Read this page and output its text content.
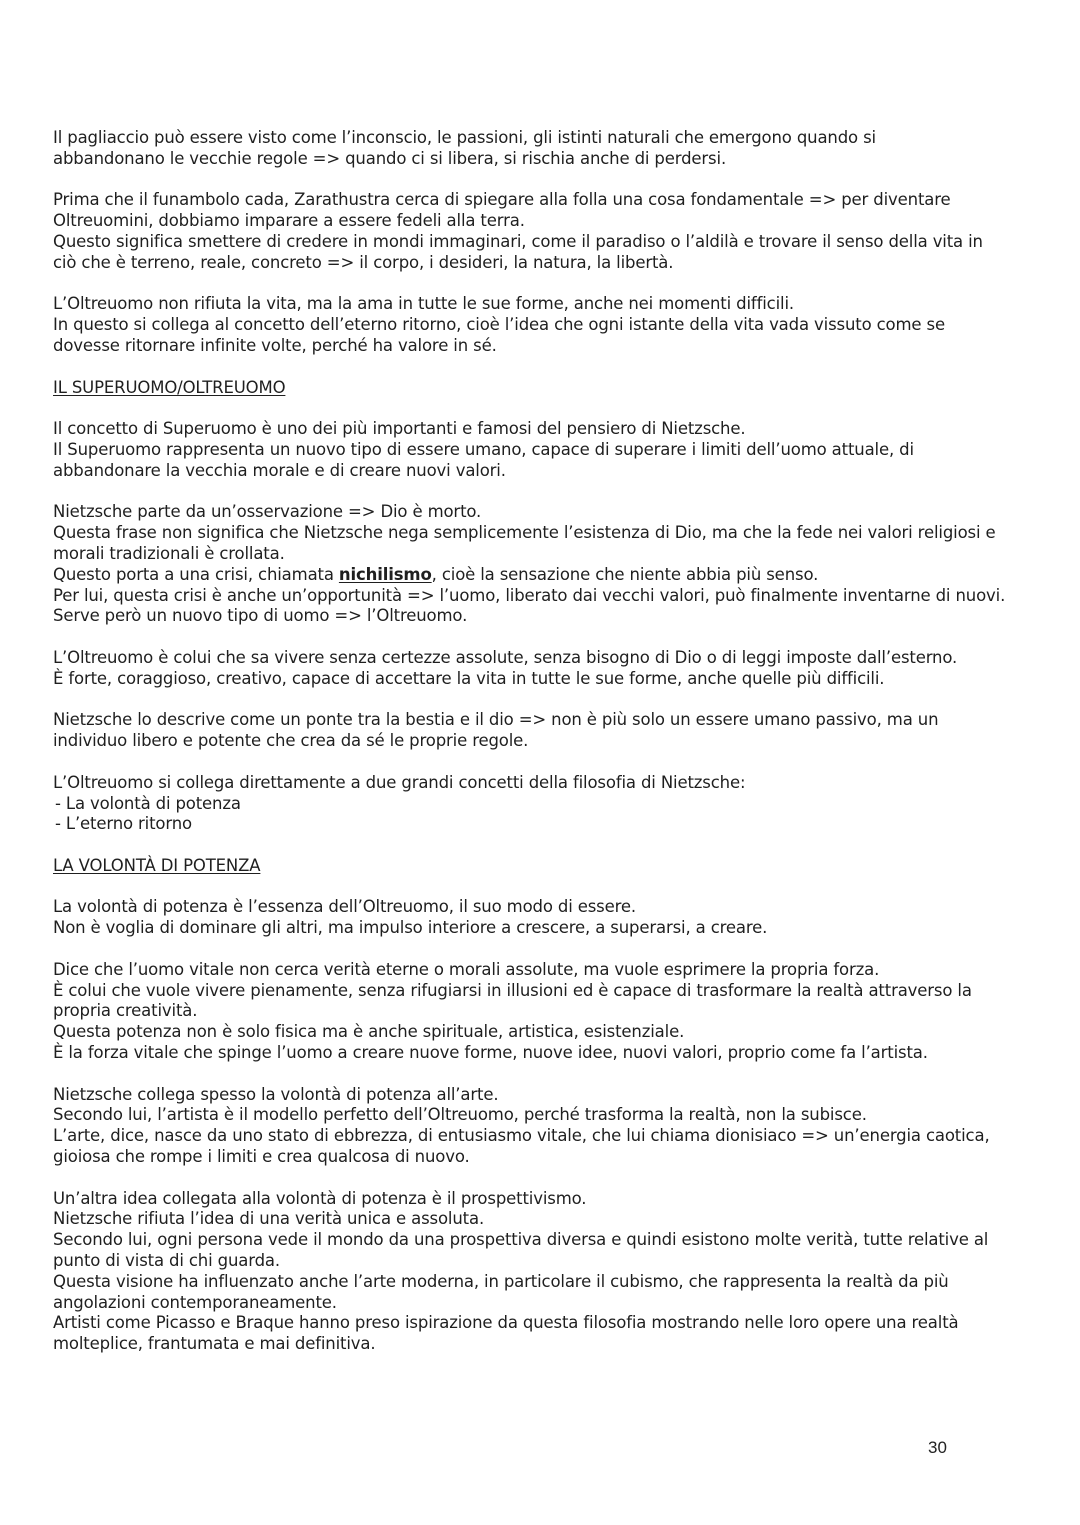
Il pagliaccio può essere visto come l’inconscio, le passioni, gli istinti naturali che emergono quando si
abbandonano le vecchie regole => quando ci si libera, si rischia anche di perdersi.

Prima che il funambolo cada, Zarathustra cerca di spiegare alla folla una cosa fondamentale => per diventare
Oltreuomini, dobbiamo imparare a essere fedeli alla terra.
Questo significa smettere di credere in mondi immaginari, come il paradiso o l’aldilà e trovare il senso della vita in
ciò che è terreno, reale, concreto => il corpo, i desideri, la natura, la libertà.

L’Oltreuomo non rifiuta la vita, ma la ama in tutte le sue forme, anche nei momenti difficili.
In questo si collega al concetto dell’eterno ritorno, cioè l’idea che ogni istante della vita vada vissuto come se
dovesse ritornare infinite volte, perché ha valore in sé.

IL SUPERUOMO/OLTREUOMO

Il concetto di Superuomo è uno dei più importanti e famosi del pensiero di Nietzsche.
Il Superuomo rappresenta un nuovo tipo di essere umano, capace di superare i limiti dell’uomo attuale, di
abbandonare la vecchia morale e di creare nuovi valori.

Nietzsche parte da un’osservazione => Dio è morto.
Questa frase non significa che Nietzsche nega semplicemente l’esistenza di Dio, ma che la fede nei valori religiosi e
morali tradizionali è crollata.
Questo porta a una crisi, chiamata nichilismo, cioè la sensazione che niente abbia più senso.
Per lui, questa crisi è anche un’opportunità => l’uomo, liberato dai vecchi valori, può finalmente inventarne di nuovi.
Serve però un nuovo tipo di uomo => l’Oltreuomo.

L’Oltreuomo è colui che sa vivere senza certezze assolute, senza bisogno di Dio o di leggi imposte dall’esterno.
È forte, coraggioso, creativo, capace di accettare la vita in tutte le sue forme, anche quelle più difficili.

Nietzsche lo descrive come un ponte tra la bestia e il dio => non è più solo un essere umano passivo, ma un
individuo libero e potente che crea da sé le proprie regole.

L’Oltreuomo si collega direttamente a due grandi concetti della filosofia di Nietzsche:

- La volontà di potenza
- L’eterno ritorno

LA VOLONTÀ DI POTENZA

La volontà di potenza è l’essenza dell’Oltreuomo, il suo modo di essere.
Non è voglia di dominare gli altri, ma impulso interiore a crescere, a superarsi, a creare.

Dice che l’uomo vitale non cerca verità eterne o morali assolute, ma vuole esprimere la propria forza.
È colui che vuole vivere pienamente, senza rifugiarsi in illusioni ed è capace di trasformare la realtà attraverso la
propria creatività.
Questa potenza non è solo fisica ma è anche spirituale, artistica, esistenziale.
È la forza vitale che spinge l’uomo a creare nuove forme, nuove idee, nuovi valori, proprio come fa l’artista.

Nietzsche collega spesso la volontà di potenza all’arte.
Secondo lui, l’artista è il modello perfetto dell’Oltreuomo, perché trasforma la realtà, non la subisce.
L’arte, dice, nasce da uno stato di ebbrezza, di entusiasmo vitale, che lui chiama dionisiaco => un’energia caotica,
gioiosa che rompe i limiti e crea qualcosa di nuovo.

Un’altra idea collegata alla volontà di potenza è il prospettivismo.
Nietzsche rifiuta l’idea di una verità unica e assoluta.
Secondo lui, ogni persona vede il mondo da una prospettiva diversa e quindi esistono molte verità, tutte relative al
punto di vista di chi guarda.
Questa visione ha influenzato anche l’arte moderna, in particolare il cubismo, che rappresenta la realtà da più
angolazioni contemporaneamente.
Artisti come Picasso e Braque hanno preso ispirazione da questa filosofia mostrando nelle loro opere una realtà
molteplice, frantumata e mai definitiva.

30
